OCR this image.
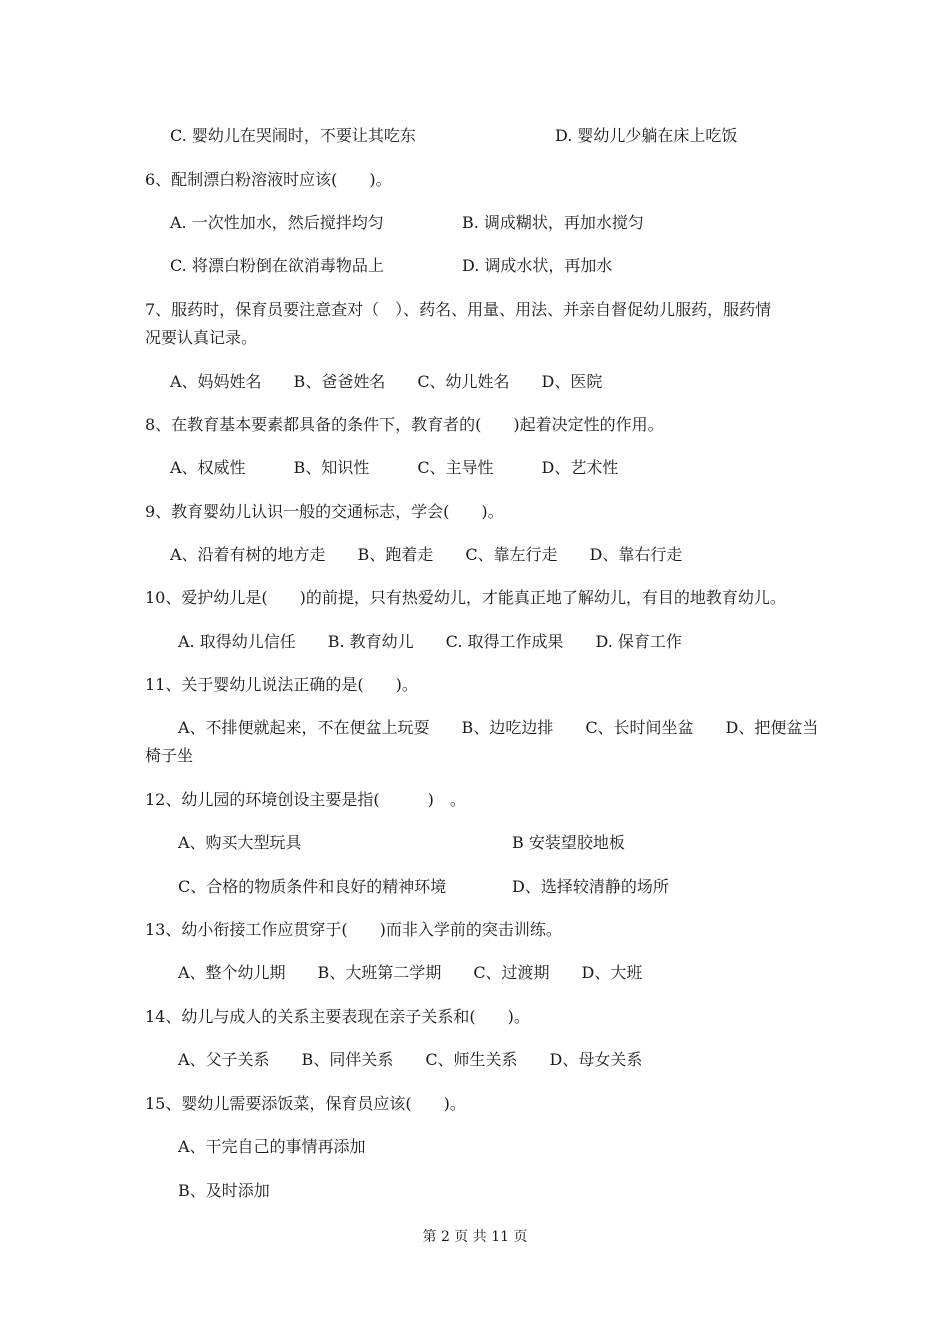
C. 婴幼儿在哭闹时，不要让其吃东	D. 婴幼儿少躺在床上吃饭
6、配制漂白粉溶液时应该(　　)。
A. 一次性加水，然后搅拌均匀	B. 调成糊状，再加水搅匀
C. 将漂白粉倒在欲消毒物品上	D. 调成水状，再加水
7、服药时，保育员要注意查对（　）、药名、用量、用法、并亲自督促幼儿服药，服药情
况要认真记录。
A、妈妈姓名　　B、爸爸姓名　　C、幼儿姓名　　D、医院
8、在教育基本要素都具备的条件下，教育者的(　　)起着决定性的作用。
A、权威性　　　B、知识性　　　C、主导性　　　D、艺术性
9、教育婴幼儿认识一般的交通标志，学会(　　)。
A、沿着有树的地方走　　B、跑着走　　C、靠左行走　　D、靠右行走
10、爱护幼儿是(　　)的前提，只有热爱幼儿，才能真正地了解幼儿，有目的地教育幼儿。
A. 取得幼儿信任　　B. 教育幼儿　　C. 取得工作成果　　D. 保育工作
11、关于婴幼儿说法正确的是(　　)。
A、不排便就起来，不在便盆上玩耍　　B、边吃边排　　C、长时间坐盆　　D、把便盆当
椅子坐
12、幼儿园的环境创设主要是指(　　　)　。
A、购买大型玩具	B 安装望胶地板
C、合格的物质条件和良好的精神环境	D、选择较清静的场所
13、幼小衔接工作应贯穿于(　　)而非入学前的突击训练。
A、整个幼儿期　　B、大班第二学期　　C、过渡期　　D、大班
14、幼儿与成人的关系主要表现在亲子关系和(　　)。
A、父子关系　　B、同伴关系　　C、师生关系　　D、母女关系
15、婴幼儿需要添饭菜，保育员应该(　　)。
A、干完自己的事情再添加
B、及时添加
第 2 页 共 11 页
